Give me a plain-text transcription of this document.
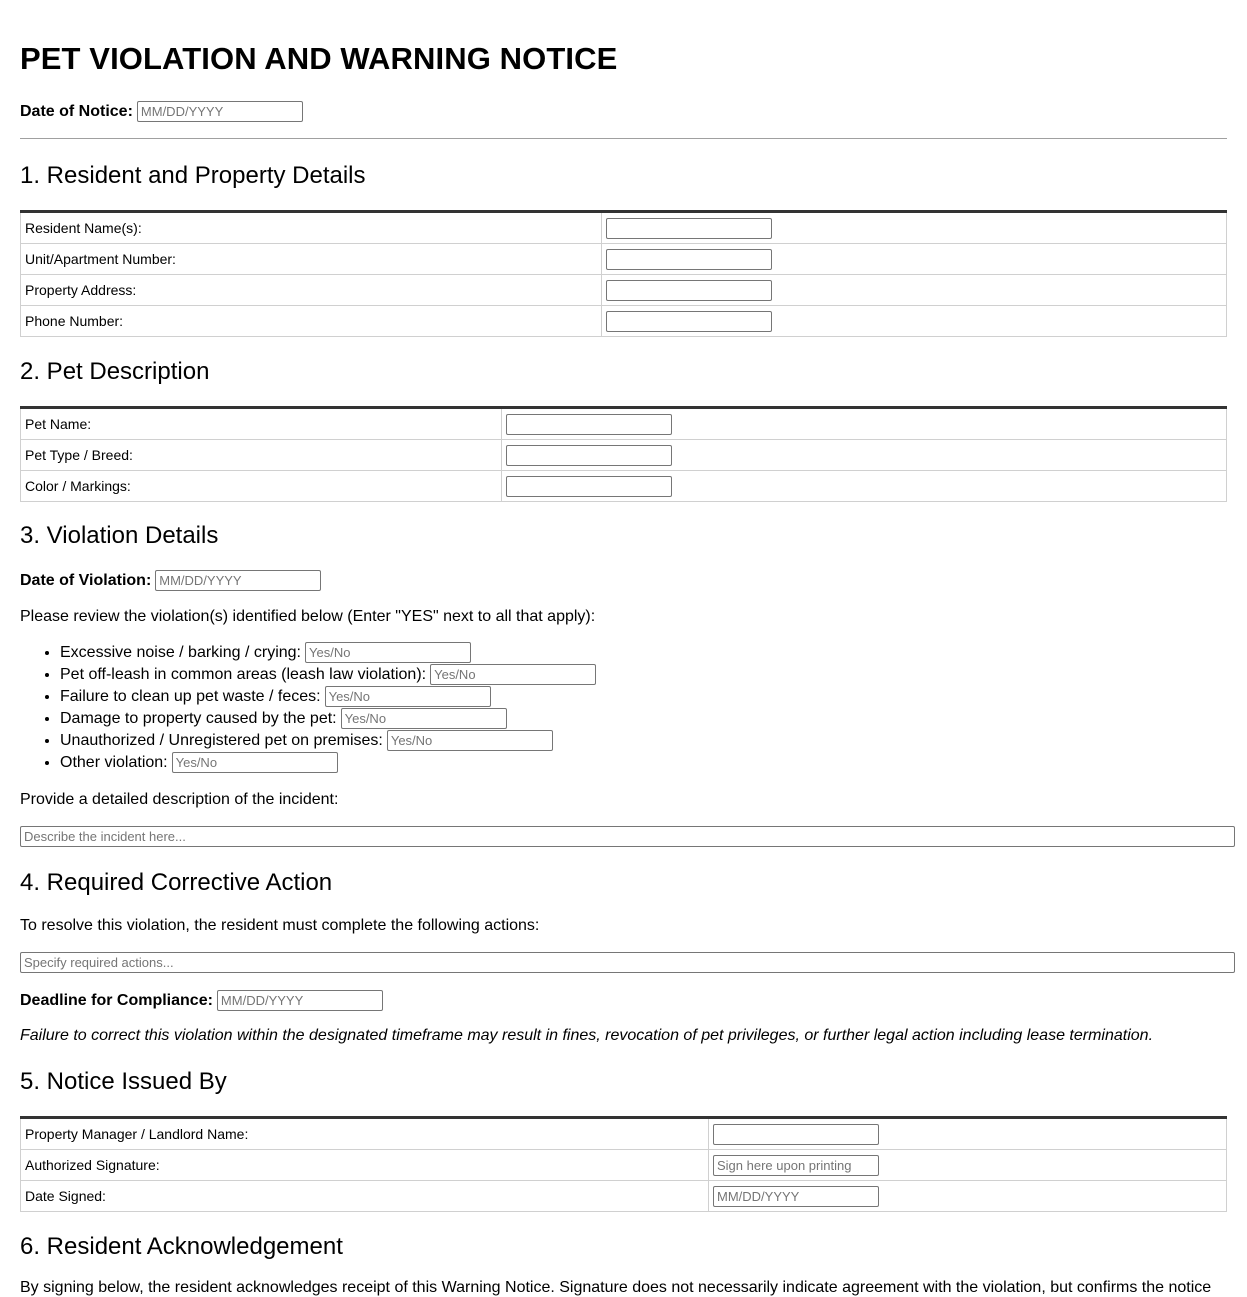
PET VIOLATION AND WARNING NOTICE
Date of Notice:
MM/DD/YYYY
1. Resident and Property Details
Resident Name(s):	
Unit/Apartment Number:	
Property Address:	
Phone Number:	
2. Pet Description
Pet Name:	
Pet Type / Breed:	
Color / Markings:	
3. Violation Details
Date of Violation:
MM/DD/YYYY

Please review the violation(s) identified below (Enter "YES" next to all that apply):

• Excessive noise / barking / crying:Yes/No
• Pet off-leash in common areas (leash law violation):Yes/No
• Failure to clean up pet waste / feces:Yes/No
• Damage to property caused by the pet:Yes/No
• Unauthorized / Unregistered pet on premises:Yes/No
• Other violation:Yes/No

Provide a detailed description of the incident:

Describe the incident here...
4. Required Corrective Action

To resolve this violation, the resident must complete the following actions:

Specify required actions...
Deadline for Compliance:
MM/DD/YYYY

Failure to correct this violation within the designated timeframe may result in fines, revocation of pet privileges, or further legal action including lease termination.

5. Notice Issued By
Property Manager / Landlord Name:	
Authorized Signature:	Sign here upon printing
Date Signed:	MM/DD/YYYY
6. Resident Acknowledgement

By signing below, the resident acknowledges receipt of this Warning Notice. Signature does not necessarily indicate agreement with the violation, but confirms the notice
